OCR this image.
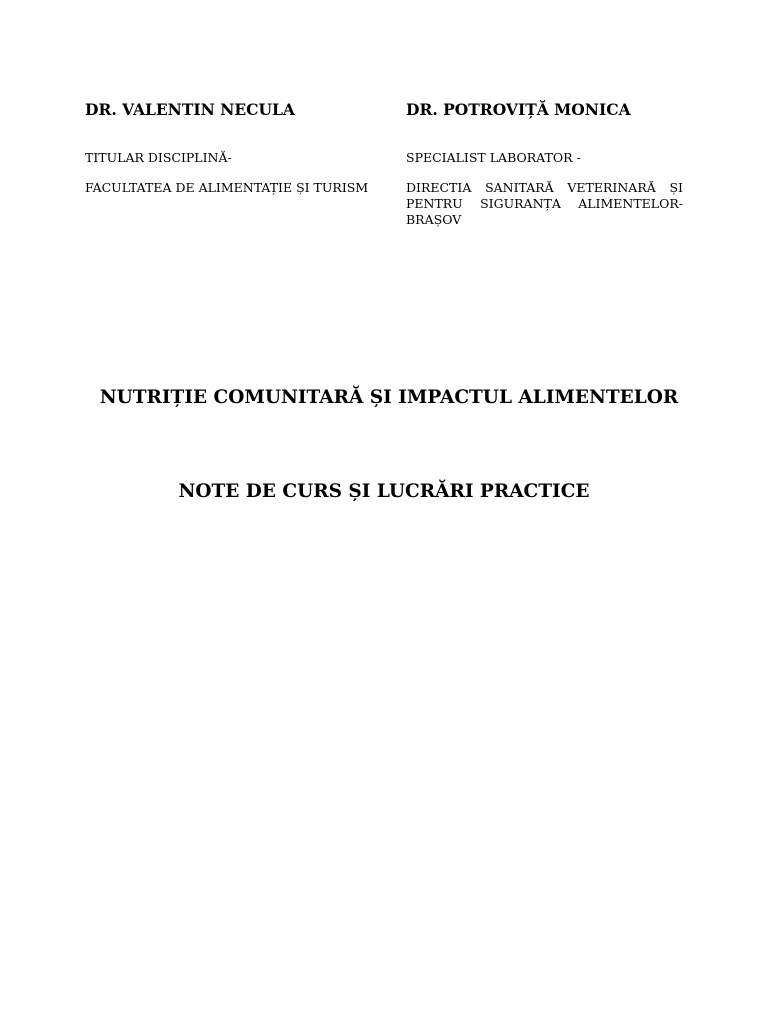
DR. VALENTIN NECULA

TITULAR DISCIPLINĂ-

FACULTATEA DE ALIMENTAȚIE ȘI TURISM

DR. POTROVIȚĂ MONICA

SPECIALIST LABORATOR -

DIRECTIA SANITARĂ VETERINARĂ ȘI PENTRU SIGURANȚA ALIMENTELOR-BRAȘOV

NUTRIȚIE COMUNITARĂ ȘI IMPACTUL ALIMENTELOR
NOTE DE CURS ȘI LUCRĂRI PRACTICE
